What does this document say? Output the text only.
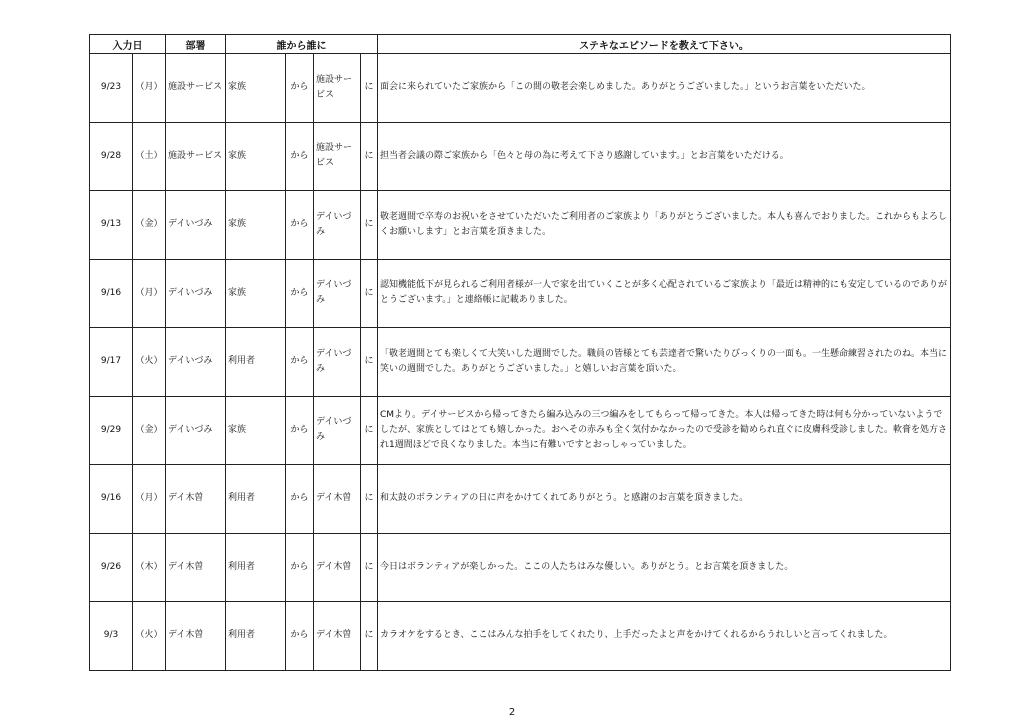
入力日		部署	誰から誰に				ステキなエピソードを教えて下さい。
9/23	（月）	施設サービス	家族	から	施設サービス	に	面会に来られていたご家族から「この間の敬老会楽しめました。ありがとうございました。」というお言葉をいただいた。
9/28	（土）	施設サービス	家族	から	施設サービス	に	担当者会議の際ご家族から「色々と母の為に考えて下さり感謝しています。」とお言葉をいただける。
9/13	（金）	デイいづみ	家族	から	デイいづみ	に	敬老週間で卒寿のお祝いをさせていただいたご利用者のご家族より「ありがとうございました。本人も喜んでおりました。これからもよろしくお願いします」とお言葉を頂きました。
9/16	（月）	デイいづみ	家族	から	デイいづみ	に	認知機能低下が見られるご利用者様が一人で家を出ていくことが多く心配されているご家族より「最近は精神的にも安定しているのでありがとうございます。」と連絡帳に記載ありました。
9/17	（火）	デイいづみ	利用者	から	デイいづみ	に	「敬老週間とても楽しくて大笑いした週間でした。職員の皆様とても芸達者で驚いたりびっくりの一面も。一生懸命練習されたのね。本当に笑いの週間でした。ありがとうございました。」と嬉しいお言葉を頂いた。
9/29	（金）	デイいづみ	家族	から	デイいづみ	に	CMより。デイサービスから帰ってきたら編み込みの三つ編みをしてもらって帰ってきた。本人は帰ってきた時は何も分かっていないようでしたが、家族としてはとても嬉しかった。おへその赤みも全く気付かなかったので受診を勧められ直ぐに皮膚科受診しました。軟膏を処方され1週間ほどで良くなりました。本当に有難いですとおっしゃっていました。
9/16	（月）	デイ木曽	利用者	から	デイ木曽	に	和太鼓のボランティアの日に声をかけてくれてありがとう。と感謝のお言葉を頂きました。
9/26	（木）	デイ木曽	利用者	から	デイ木曽	に	今日はボランティアが楽しかった。ここの人たちはみな優しい。ありがとう。とお言葉を頂きました。
9/3	（火）	デイ木曽	利用者	から	デイ木曽	に	カラオケをするとき、ここはみんな拍手をしてくれたり、上手だったよと声をかけてくれるからうれしいと言ってくれました。
2
